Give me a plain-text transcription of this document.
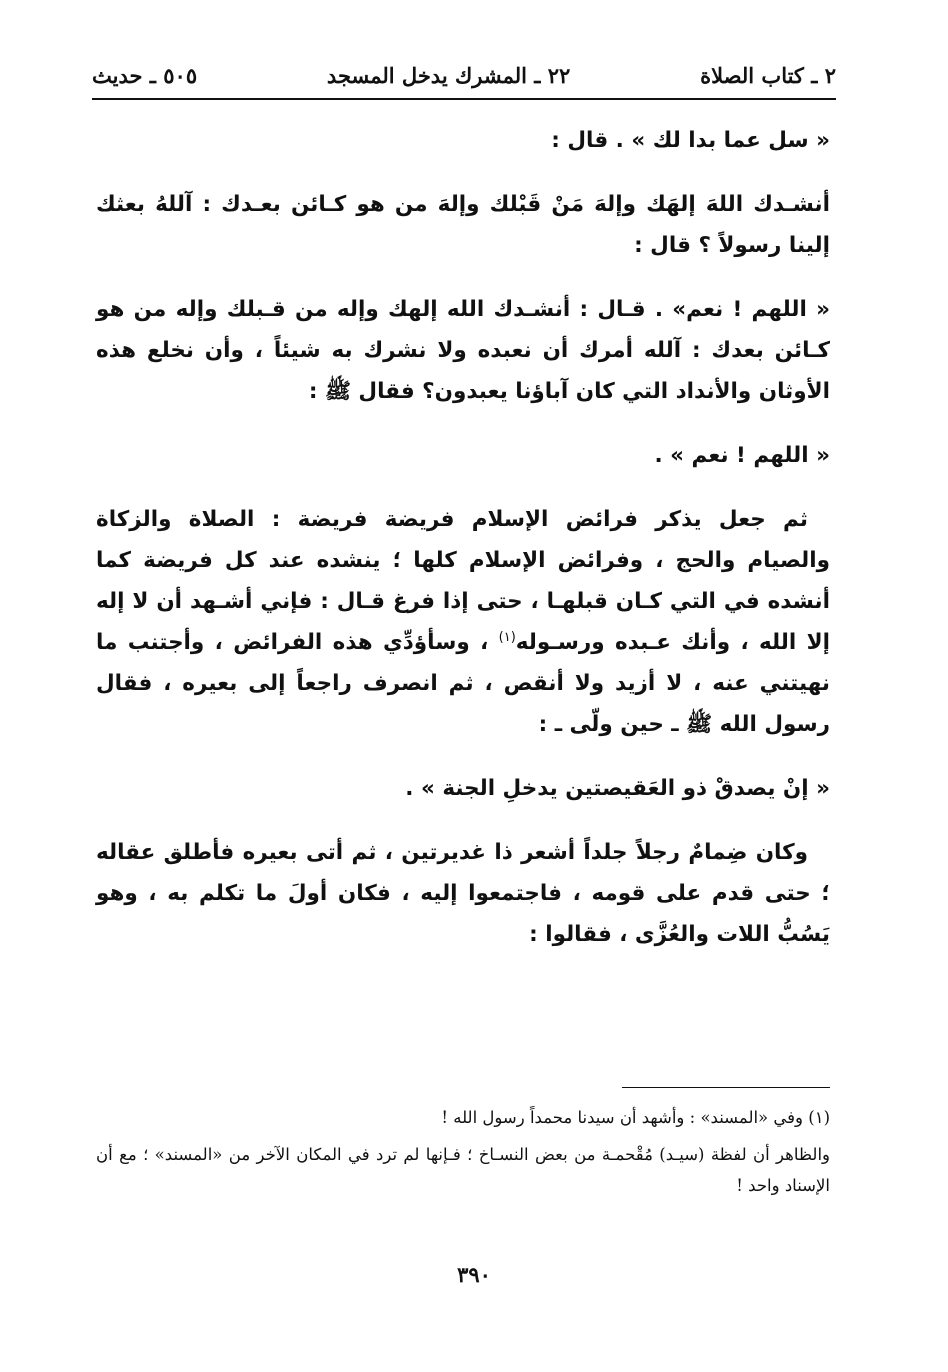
٢ ـ كتاب الصلاة
٢٢ ـ المشرك يدخل المسجد
٥٠٥ ـ حديث

« سل عما بدا لك » . قال :

أنشـدك اللهَ إلهَك وإلهَ مَنْ قَبْلك وإلهَ من هو كـائن بعـدك : آللهُ بعثك إلينا رسولاً ؟ قال :

« اللهم ! نعم» . قـال : أنشـدك الله إلهك وإله من قـبلك وإله من هو كـائن بعدك : آلله أمرك أن نعبده ولا نشرك به شيئاً ، وأن نخلع هذه الأوثان والأنداد التي كان آباؤنا يعبدون؟ فقال ﷺ :

« اللهم ! نعم » .

ثم جعل يذكر فرائض الإسلام فريضة فريضة : الصلاة والزكاة والصيام والحج ، وفرائض الإسلام كلها ؛ ينشده عند كل فريضة كما أنشده في التي كـان قبلهـا ، حتى إذا فرغ قـال : فإني أشـهد أن لا إله إلا الله ، وأنك عـبده ورسـوله$^{(١)}$ ، وسأؤدِّي هذه الفرائض ، وأجتنب ما نهيتني عنه ، لا أزيد ولا أنقص ، ثم انصرف راجعاً إلى بعيره ، فقال رسول الله ﷺ ـ حين ولّى ـ :

« إنْ يصدقْ ذو العَقيصتين يدخلِ الجنة » .

وكان ضِمامٌ رجلاً جلداً أشعر ذا غديرتين ، ثم أتى بعيره فأطلق عقاله ؛ حتى قدم على قومه ، فاجتمعوا إليه ، فكان أولَ ما تكلم به ، وهو يَسُبُّ اللات والعُزَّى ، فقالوا :

(١) وفي «المسند» : وأشهد أن سيدنا محمداً رسول الله !

والظاهر أن لفظة (سيـد) مُقْحمـة من بعض النسـاخ ؛ فـإنها لم ترد في المكان الآخر من «المسند» ؛ مع أن الإسناد واحد !

٣٩٠
